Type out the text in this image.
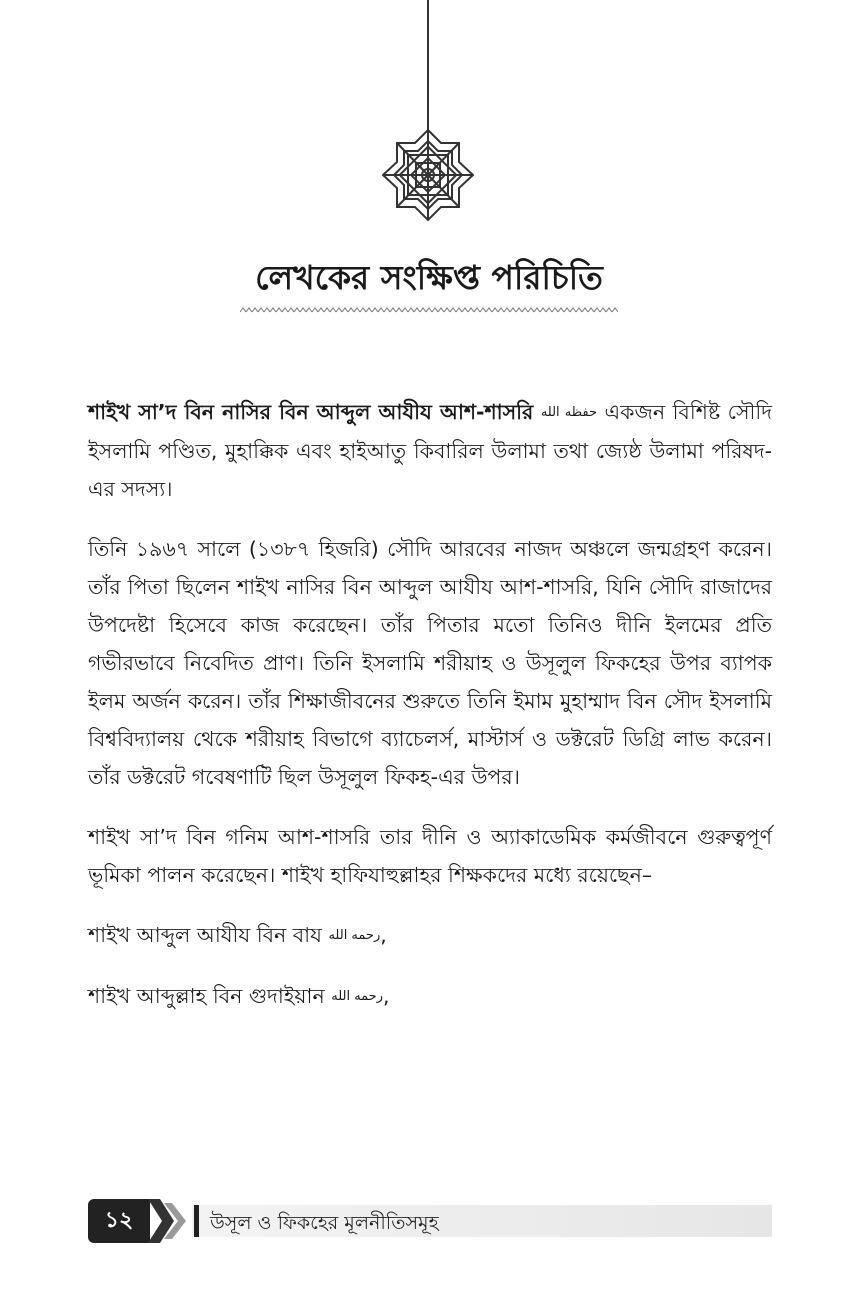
লেখকের সংক্ষিপ্ত পরিচিতি

শাইখ সা’দ বিন নাসির বিন আব্দুল আযীয আশ-শাসরি حفظه الله একজন বিশিষ্ট সৌদি ইসলামি পণ্ডিত, মুহাক্কিক এবং হাইআতু কিবারিল উলামা তথা জ্যেষ্ঠ উলামা পরিষদ-এর সদস্য।

তিনি ১৯৬৭ সালে (১৩৮৭ হিজরি) সৌদি আরবের নাজদ অঞ্চলে জন্মগ্রহণ করেন। তাঁর পিতা ছিলেন শাইখ নাসির বিন আব্দুল আযীয আশ-শাসরি, যিনি সৌদি রাজাদের উপদেষ্টা হিসেবে কাজ করেছেন। তাঁর পিতার মতো তিনিও দীনি ইলমের প্রতি গভীরভাবে নিবেদিত প্রাণ। তিনি ইসলামি শরীয়াহ ও উসূলুল ফিকহের উপর ব্যাপক ইলম অর্জন করেন। তাঁর শিক্ষাজীবনের শুরুতে তিনি ইমাম মুহাম্মাদ বিন সৌদ ইসলামি বিশ্ববিদ্যালয় থেকে শরীয়াহ বিভাগে ব্যাচেলর্স, মাস্টার্স ও ডক্টরেট ডিগ্রি লাভ করেন। তাঁর ডক্টরেট গবেষণাটি ছিল উসূলুল ফিকহ-এর উপর।

শাইখ সা’দ বিন গনিম আশ-শাসরি তার দীনি ও অ্যাকাডেমিক কর্মজীবনে গুরুত্বপূর্ণ ভূমিকা পালন করেছেন। শাইখ হাফিযাহুল্লাহর শিক্ষকদের মধ্যে রয়েছেন–

শাইখ আব্দুল আযীয বিন বায رحمه الله,

শাইখ আব্দুল্লাহ বিন গুদাইয়ান رحمه الله,

১২	উসূল ও ফিকহের মূলনীতিসমূহ
